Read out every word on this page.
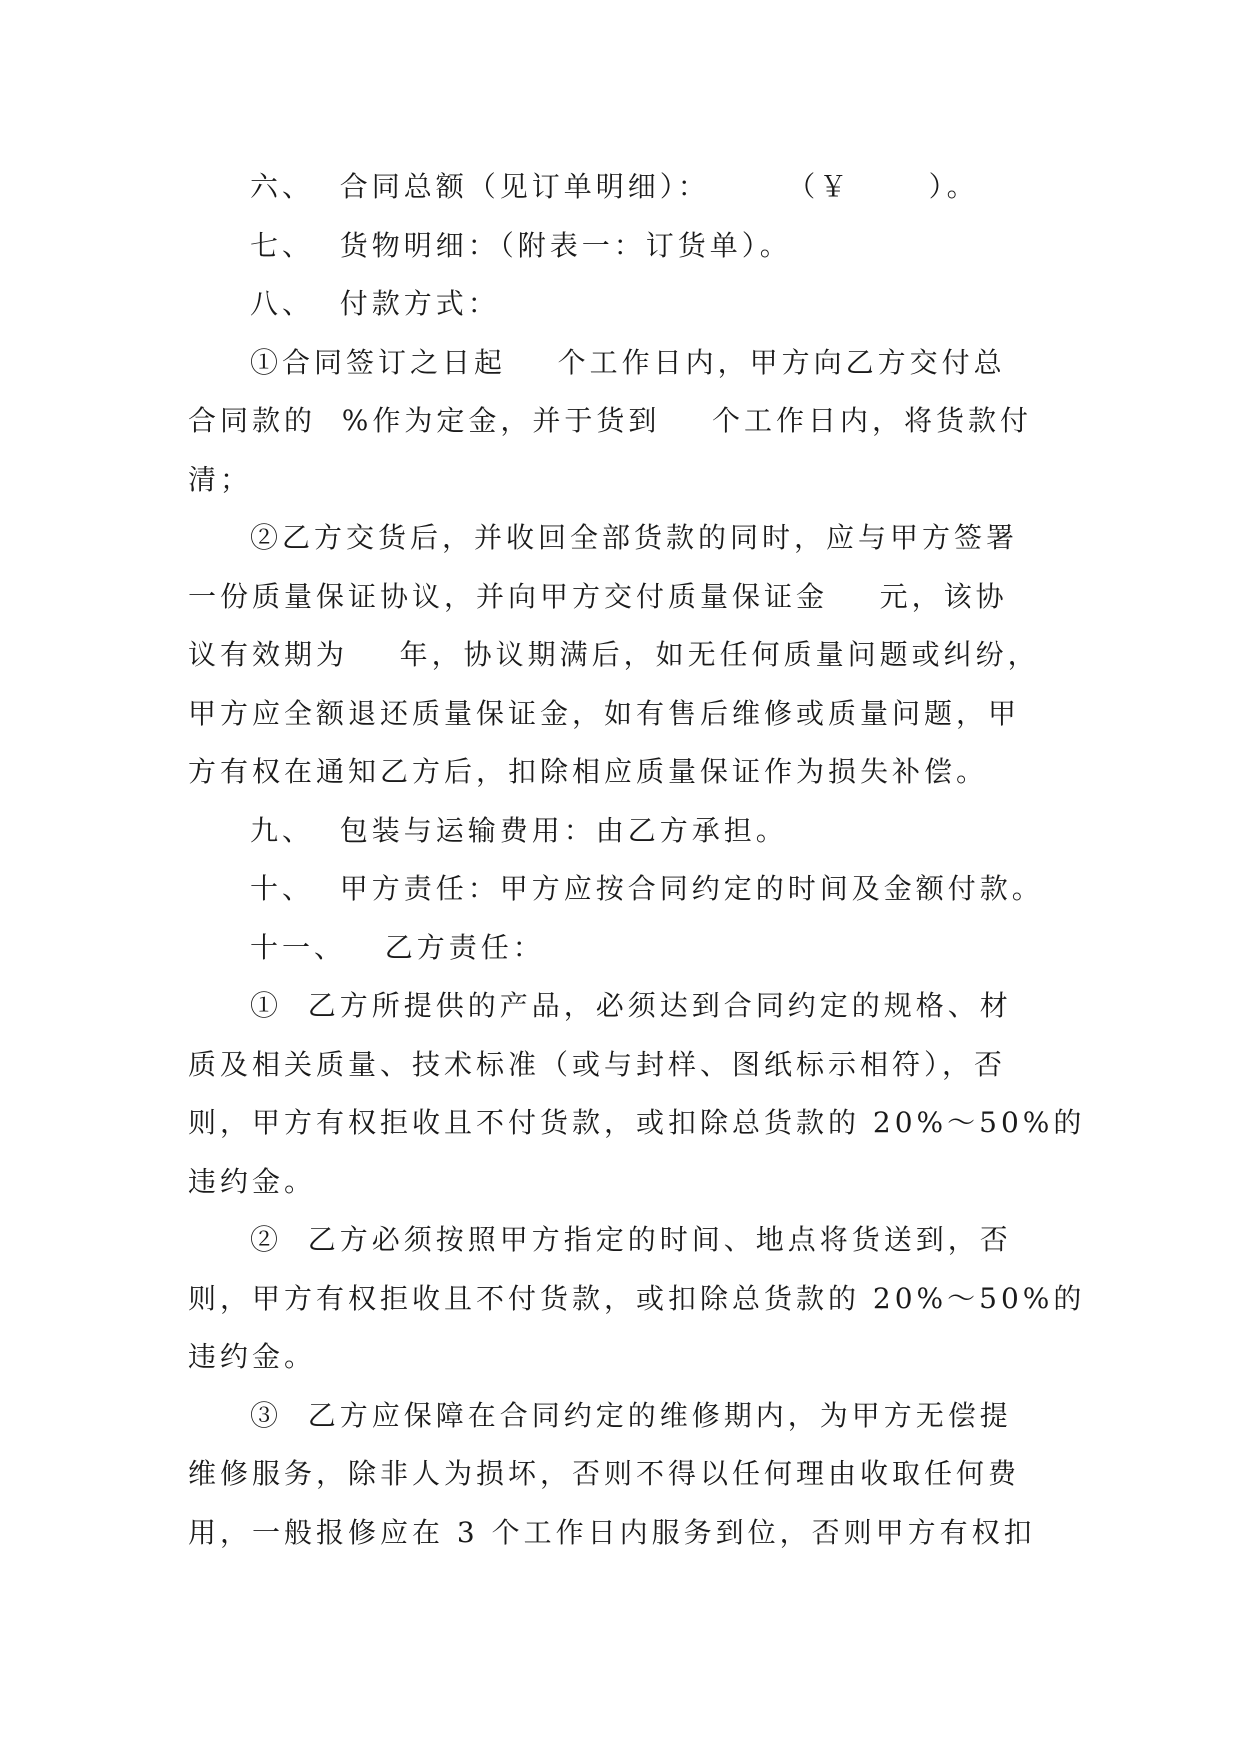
六、  合同总额（见订单明细）：      （￥      ）。
七、  货物明细：（附表一：订货单）。
八、  付款方式：
①合同签订之日起    个工作日内，甲方向乙方交付总
合同款的  %作为定金，并于货到    个工作日内，将货款付
清；
②乙方交货后，并收回全部货款的同时，应与甲方签署
一份质量保证协议，并向甲方交付质量保证金    元，该协
议有效期为    年，协议期满后，如无任何质量问题或纠纷，
甲方应全额退还质量保证金，如有售后维修或质量问题，甲
方有权在通知乙方后，扣除相应质量保证作为损失补偿。
九、  包装与运输费用：由乙方承担。
十、  甲方责任：甲方应按合同约定的时间及金额付款。
十一、   乙方责任：
①  乙方所提供的产品，必须达到合同约定的规格、材
质及相关质量、技术标准（或与封样、图纸标示相符），否
则，甲方有权拒收且不付货款，或扣除总货款的 20%～50%的
违约金。
②  乙方必须按照甲方指定的时间、地点将货送到，否
则，甲方有权拒收且不付货款，或扣除总货款的 20%～50%的
违约金。
③  乙方应保障在合同约定的维修期内，为甲方无偿提
维修服务，除非人为损坏，否则不得以任何理由收取任何费
用，一般报修应在 3 个工作日内服务到位，否则甲方有权扣
